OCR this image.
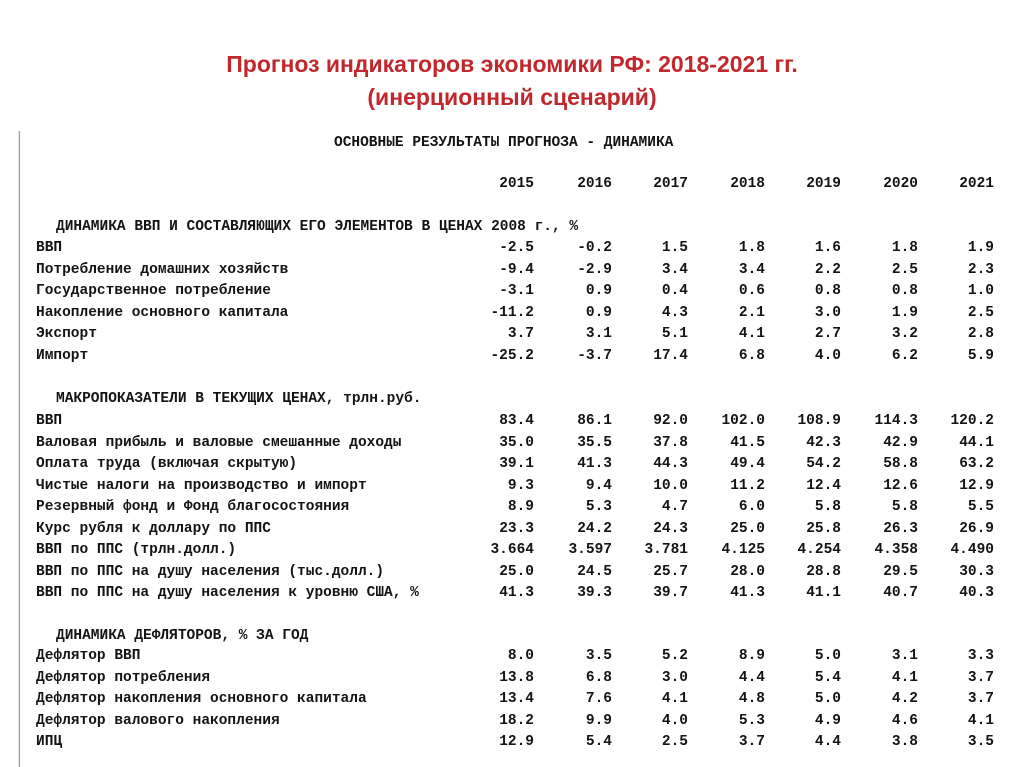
Прогноз индикаторов экономики РФ: 2018-2021 гг.
(инерционный сценарий)
ОСНОВНЫЕ РЕЗУЛЬТАТЫ ПРОГНОЗА - ДИНАМИКА
2015	2016	2017	2018	2019	2020	2021
ДИНАМИКА ВВП И СОСТАВЛЯЮЩИХ ЕГО ЭЛЕМЕНТОВ В ЦЕНАХ 2008 г., %
ВВП	-2.5	-0.2	1.5	1.8	1.6	1.8	1.9
Потребление домашних хозяйств	-9.4	-2.9	3.4	3.4	2.2	2.5	2.3
Государственное потребление	-3.1	0.9	0.4	0.6	0.8	0.8	1.0
Накопление основного капитала	-11.2	0.9	4.3	2.1	3.0	1.9	2.5
Экспорт	3.7	3.1	5.1	4.1	2.7	3.2	2.8
Импорт	-25.2	-3.7	17.4	6.8	4.0	6.2	5.9
МАКРОПОКАЗАТЕЛИ В ТЕКУЩИХ ЦЕНАХ, трлн.руб.
ВВП	83.4	86.1	92.0	102.0	108.9	114.3	120.2
Валовая прибыль и валовые смешанные доходы	35.0	35.5	37.8	41.5	42.3	42.9	44.1
Оплата труда (включая скрытую)	39.1	41.3	44.3	49.4	54.2	58.8	63.2
Чистые налоги на производство и импорт	9.3	9.4	10.0	11.2	12.4	12.6	12.9
Резервный фонд и Фонд благосостояния	8.9	5.3	4.7	6.0	5.8	5.8	5.5
Курс рубля к доллару по ППС	23.3	24.2	24.3	25.0	25.8	26.3	26.9
ВВП по ППС (трлн.долл.)	3.664	3.597	3.781	4.125	4.254	4.358	4.490
ВВП по ППС на душу населения (тыс.долл.)	25.0	24.5	25.7	28.0	28.8	29.5	30.3
ВВП по ППС на душу населения к уровню США, %	41.3	39.3	39.7	41.3	41.1	40.7	40.3
ДИНАМИКА ДЕФЛЯТОРОВ, % ЗА ГОД
Дефлятор ВВП	8.0	3.5	5.2	8.9	5.0	3.1	3.3
Дефлятор потребления	13.8	6.8	3.0	4.4	5.4	4.1	3.7
Дефлятор накопления основного капитала	13.4	7.6	4.1	4.8	5.0	4.2	3.7
Дефлятор валового накопления	18.2	9.9	4.0	5.3	4.9	4.6	4.1
ИПЦ	12.9	5.4	2.5	3.7	4.4	3.8	3.5
